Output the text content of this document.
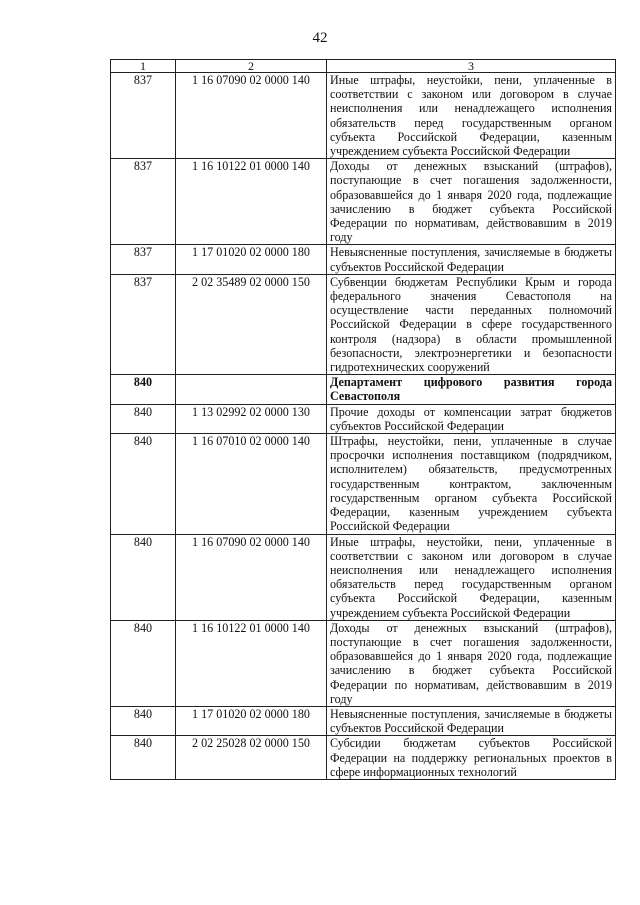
42
1	2	3
837	1 16 07090 02 0000 140	Иные штрафы, неустойки, пени, уплаченные в соответствии с законом или договором в случае неисполнения или ненадлежащего исполнения обязательств перед государственным органом субъекта Российской Федерации, казенным учреждением субъекта Российской Федерации
837	1 16 10122 01 0000 140	Доходы от денежных взысканий (штрафов), поступающие в счет погашения задолженности, образовавшейся до 1 января 2020 года, подлежащие зачислению в бюджет субъекта Российской Федерации по нормативам, действовавшим в 2019 году
837	1 17 01020 02 0000 180	Невыясненные поступления, зачисляемые в бюджеты субъектов Российской Федерации
837	2 02 35489 02 0000 150	Субвенции бюджетам Республики Крым и города федерального значения Севастополя на осуществление части переданных полномочий Российской Федерации в сфере государственного контроля (надзора) в области промышленной безопасности, электроэнергетики и безопасности гидротехнических сооружений
840		Департамент цифрового развития города Севастополя
840	1 13 02992 02 0000 130	Прочие доходы от компенсации затрат бюджетов субъектов Российской Федерации
840	1 16 07010 02 0000 140	Штрафы, неустойки, пени, уплаченные в случае просрочки исполнения поставщиком (подрядчиком, исполнителем) обязательств, предусмотренных государственным контрактом, заключенным государственным органом субъекта Российской Федерации, казенным учреждением субъекта Российской Федерации
840	1 16 07090 02 0000 140	Иные штрафы, неустойки, пени, уплаченные в соответствии с законом или договором в случае неисполнения или ненадлежащего исполнения обязательств перед государственным органом субъекта Российской Федерации, казенным учреждением субъекта Российской Федерации
840	1 16 10122 01 0000 140	Доходы от денежных взысканий (штрафов), поступающие в счет погашения задолженности, образовавшейся до 1 января 2020 года, подлежащие зачислению в бюджет субъекта Российской Федерации по нормативам, действовавшим в 2019 году
840	1 17 01020 02 0000 180	Невыясненные поступления, зачисляемые в бюджеты субъектов Российской Федерации
840	2 02 25028 02 0000 150	Субсидии бюджетам субъектов Российской Федерации на поддержку региональных проектов в сфере информационных технологий
